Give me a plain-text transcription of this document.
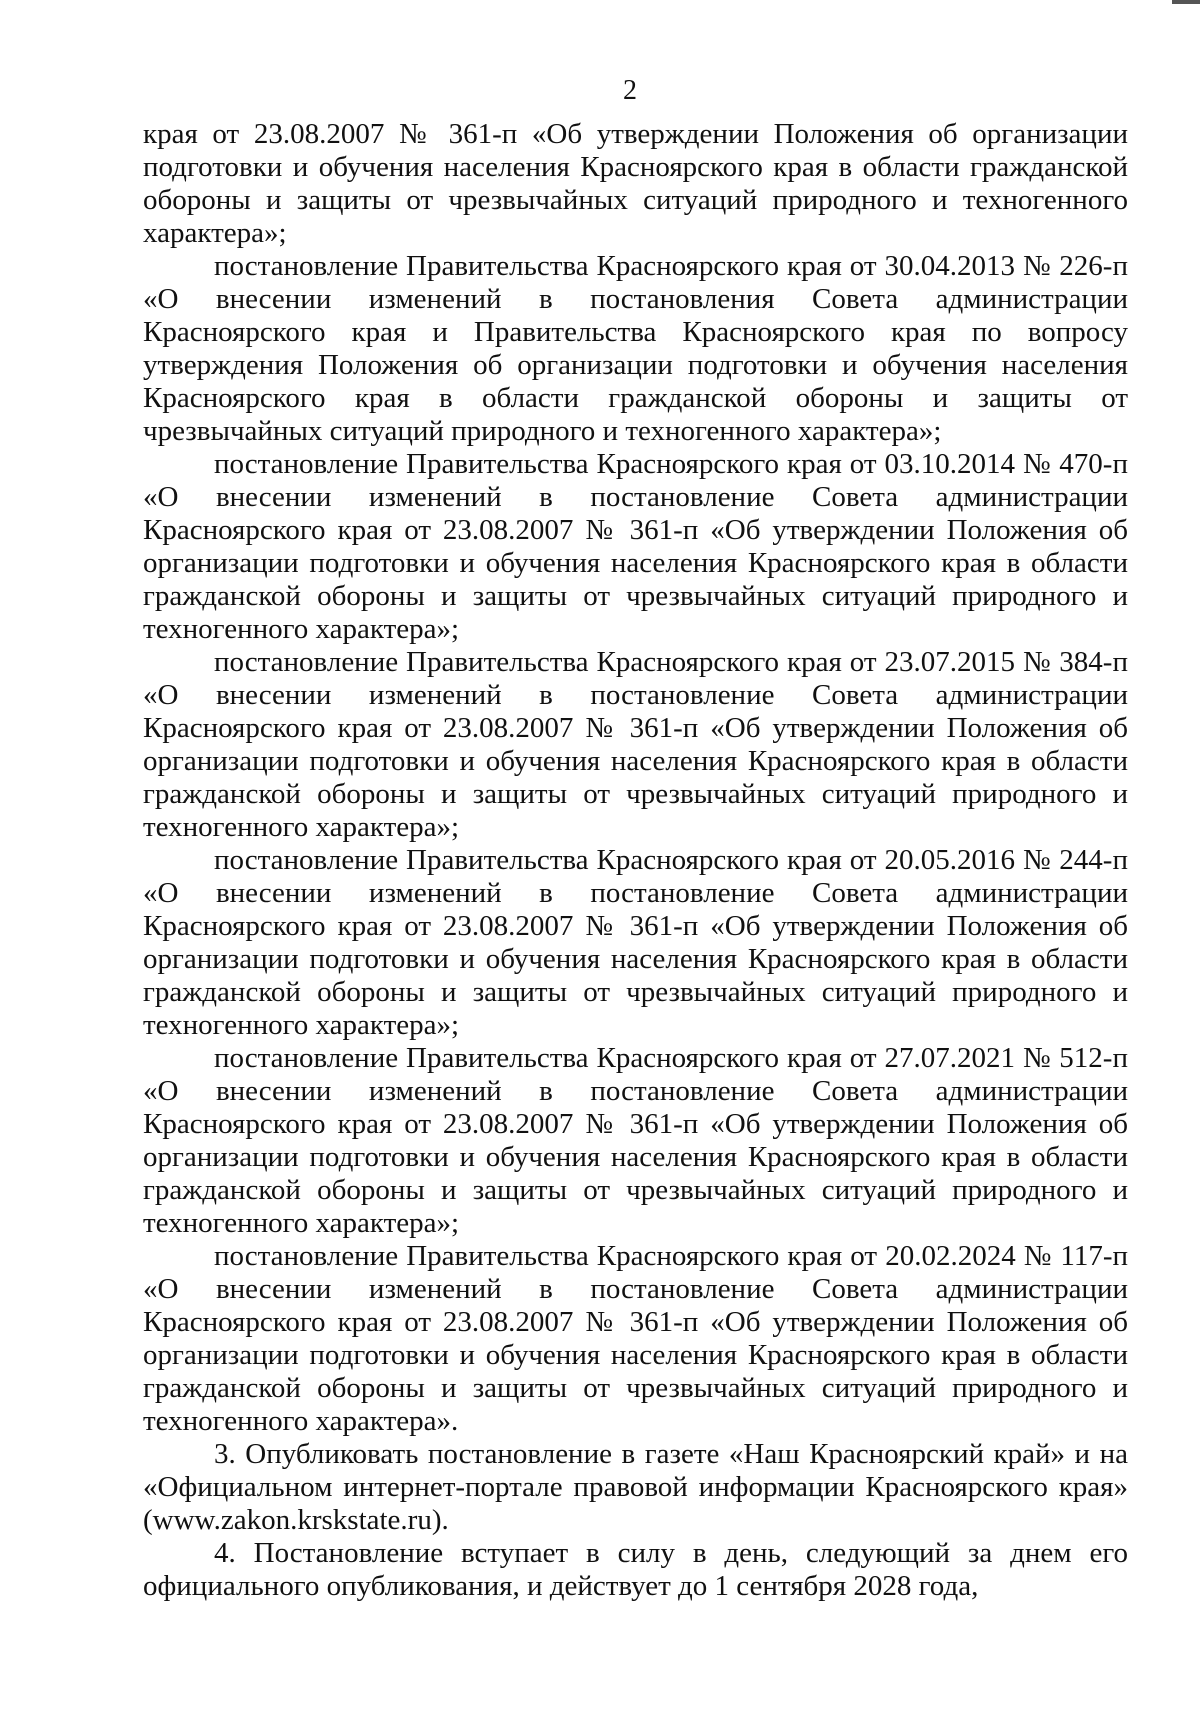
2

края от 23.08.2007 № 361-п «Об утверждении Положения об организации подготовки и обучения населения Красноярского края в области гражданской обороны и защиты от чрезвычайных ситуаций природного и техногенного характера»;

постановление Правительства Красноярского края от 30.04.2013 № 226-п «О внесении изменений в постановления Совета администрации Красноярского края и Правительства Красноярского края по вопросу утверждения Положения об организации подготовки и обучения населения Красноярского края в области гражданской обороны и защиты от чрезвычайных ситуаций природного и техногенного характера»;

постановление Правительства Красноярского края от 03.10.2014 № 470-п «О внесении изменений в постановление Совета администрации Красноярского края от 23.08.2007 № 361-п «Об утверждении Положения об организации подготовки и обучения населения Красноярского края в области гражданской обороны и защиты от чрезвычайных ситуаций природного и техногенного характера»;

постановление Правительства Красноярского края от 23.07.2015 № 384-п «О внесении изменений в постановление Совета администрации Красноярского края от 23.08.2007 № 361-п «Об утверждении Положения об организации подготовки и обучения населения Красноярского края в области гражданской обороны и защиты от чрезвычайных ситуаций природного и техногенного характера»;

постановление Правительства Красноярского края от 20.05.2016 № 244-п «О внесении изменений в постановление Совета администрации Красноярского края от 23.08.2007 № 361-п «Об утверждении Положения об организации подготовки и обучения населения Красноярского края в области гражданской обороны и защиты от чрезвычайных ситуаций природного и техногенного характера»;

постановление Правительства Красноярского края от 27.07.2021 № 512-п «О внесении изменений в постановление Совета администрации Красноярского края от 23.08.2007 № 361-п «Об утверждении Положения об организации подготовки и обучения населения Красноярского края в области гражданской обороны и защиты от чрезвычайных ситуаций природного и техногенного характера»;

постановление Правительства Красноярского края от 20.02.2024 № 117-п «О внесении изменений в постановление Совета администрации Красноярского края от 23.08.2007 № 361-п «Об утверждении Положения об организации подготовки и обучения населения Красноярского края в области гражданской обороны и защиты от чрезвычайных ситуаций природного и техногенного характера».

3. Опубликовать постановление в газете «Наш Красноярский край» и на «Официальном интернет-портале правовой информации Красноярского края» (www.zakon.krskstate.ru).

4. Постановление вступает в силу в день, следующий за днем его официального опубликования, и действует до 1 сентября 2028 года,
